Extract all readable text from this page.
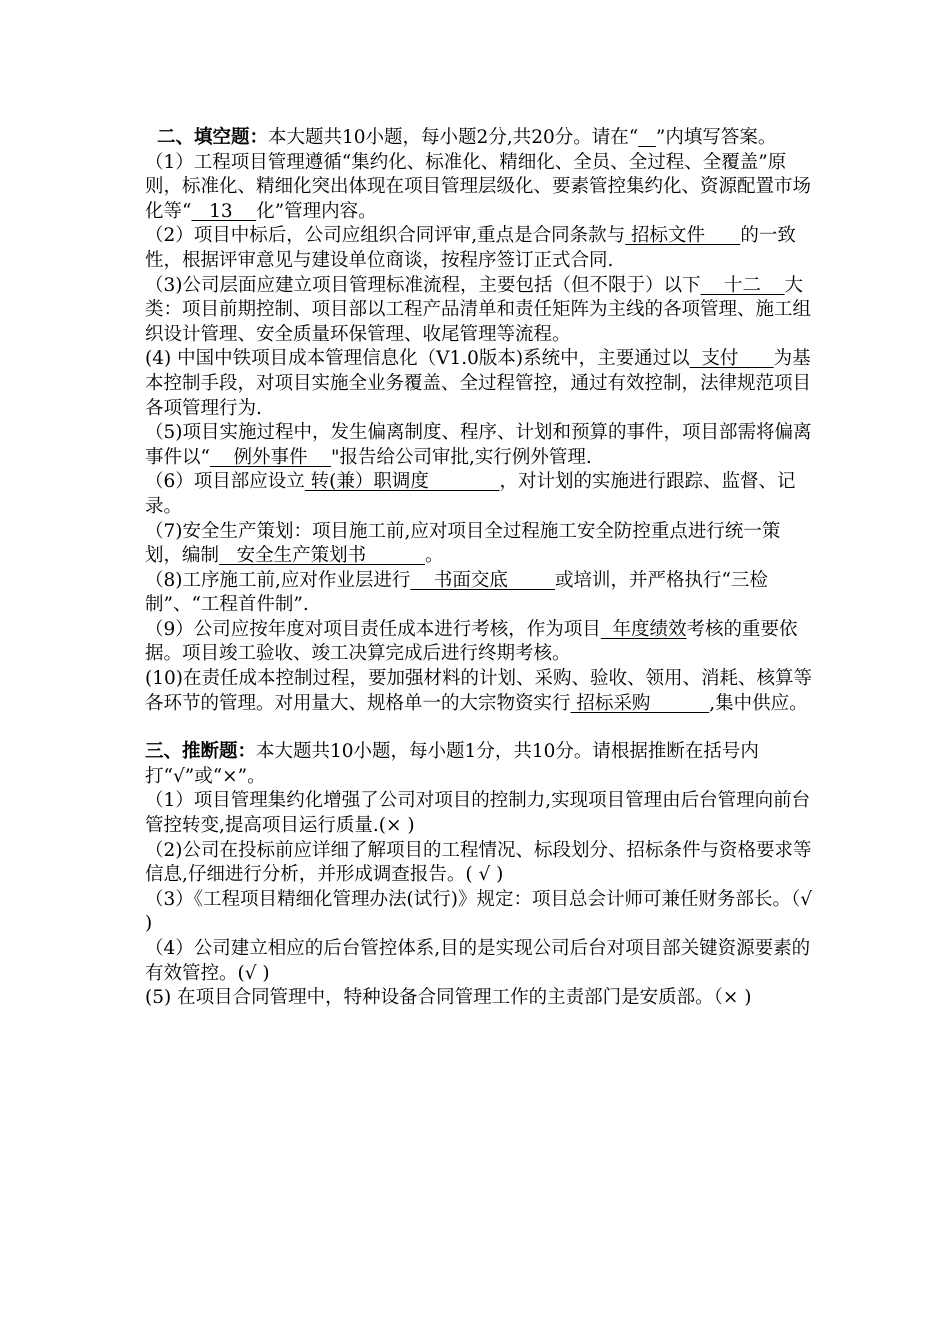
二、填空题：本大题共10小题，每小题2分,共20分。请在“ ”内填写答案。
（1）工程项目管理遵循“集约化、标准化、精细化、全员、全过程、全覆盖”原则，标准化、精细化突出体现在项目管理层级化、要素管控集约化、资源配置市场化等“   13    化”管理内容。
（2）项目中标后，公司应组织合同评审,重点是合同条款与 招标文件      的一致性，根据评审意见与建设单位商谈，按程序签订正式合同.
（3)公司层面应建立项目管理标准流程，主要包括（但不限于）以下    十二    大类：项目前期控制、项目部以工程产品清单和责任矩阵为主线的各项管理、施工组织设计管理、安全质量环保管理、收尾管理等流程。
(4) 中国中铁项目成本管理信息化（V1.0版本)系统中，主要通过以  支付      为基本控制手段，对项目实施全业务覆盖、全过程管控，通过有效控制，法律规范项目各项管理行为.
（5)项目实施过程中，发生偏离制度、程序、计划和预算的事件，项目部需将偏离事件以“    例外事件    "报告给公司审批,实行例外管理.
（6）项目部应设立 转(兼）职调度            ，对计划的实施进行跟踪、监督、记录。
（7)安全生产策划：项目施工前,应对项目全过程施工安全防控重点进行统一策划，编制   安全生产策划书          。
（8)工序施工前,应对作业层进行    书面交底        或培训，并严格执行“三检制”、“工程首件制”.
（9）公司应按年度对项目责任成本进行考核，作为项目  年度绩效考核的重要依据。项目竣工验收、竣工决算完成后进行终期考核。
(10)在责任成本控制过程，要加强材料的计划、采购、验收、领用、消耗、核算等各环节的管理。对用量大、规格单一的大宗物资实行 招标采购          ,集中供应。
三、推断题：本大题共10小题，每小题1分，共10分。请根据推断在括号内打“√”或“×”。
（1）项目管理集约化增强了公司对项目的控制力,实现项目管理由后台管理向前台管控转变,提高项目运行质量.(× )
（2)公司在投标前应详细了解项目的工程情况、标段划分、招标条件与资格要求等信息,仔细进行分析，并形成调查报告。( √ )
（3）《工程项目精细化管理办法(试行)》规定：项目总会计师可兼任财务部长。（√ )
（4）公司建立相应的后台管控体系,目的是实现公司后台对项目部关键资源要素的有效管控。(√ )
(5) 在项目合同管理中，特种设备合同管理工作的主责部门是安质部。（× )
